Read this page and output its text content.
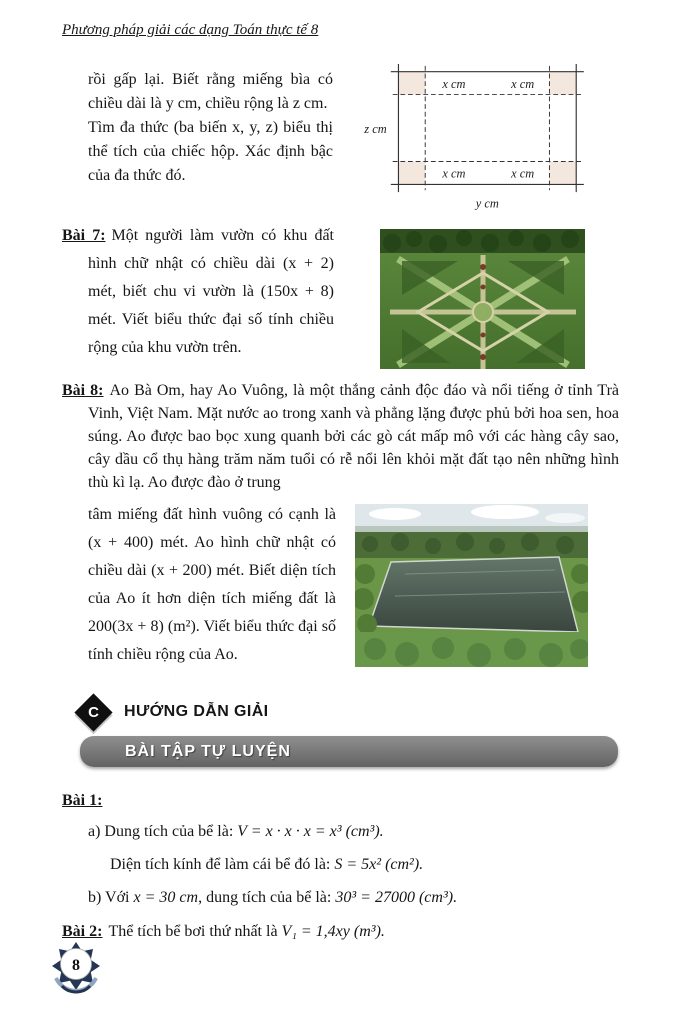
Phương pháp giải các dạng Toán thực tế 8

rồi gấp lại. Biết rằng miếng bìa có chiều dài là y cm, chiều rộng là z cm.

Tìm đa thức (ba biến x, y, z) biểu thị thể tích của chiếc hộp. Xác định bậc của đa thức đó.

x cm	x cm
x cm	x cm
z cm
y cm

Bài 7: Một người làm vườn có khu đất hình chữ nhật có chiều dài (x + 2) mét, biết chu vi vườn là (150x + 8) mét. Viết biểu thức đại số tính chiều rộng của khu vườn trên.

Bài 8: Ao Bà Om, hay Ao Vuông, là một thắng cảnh độc đáo và nổi tiếng ở tỉnh Trà Vinh, Việt Nam. Mặt nước ao trong xanh và phẳng lặng được phủ bởi hoa sen, hoa súng. Ao được bao bọc xung quanh bởi các gò cát mấp mô với các hàng cây sao, cây dầu cổ thụ hàng trăm năm tuổi có rễ nổi lên khỏi mặt đất tạo nên những hình thù kì lạ. Ao được đào ở trung

tâm miếng đất hình vuông có cạnh là (x + 400) mét. Ao hình chữ nhật có chiều dài (x + 200) mét. Biết diện tích của Ao ít hơn diện tích miếng đất là 200(3x + 8) (m²). Viết biểu thức đại số tính chiều rộng của Ao.
C	HƯỚNG DẪN GIẢI
BÀI TẬP TỰ LUYỆN
Bài 1:
a) Dung tích của bể là: V = x · x · x = x³ (cm³).
Diện tích kính để làm cái bể đó là: S = 5x² (cm²).
b) Với x = 30 cm, dung tích của bể là: 30³ = 27000 (cm³).
Bài 2: Thể tích bể bơi thứ nhất là V₁ = 1,4xy (m³).
8
